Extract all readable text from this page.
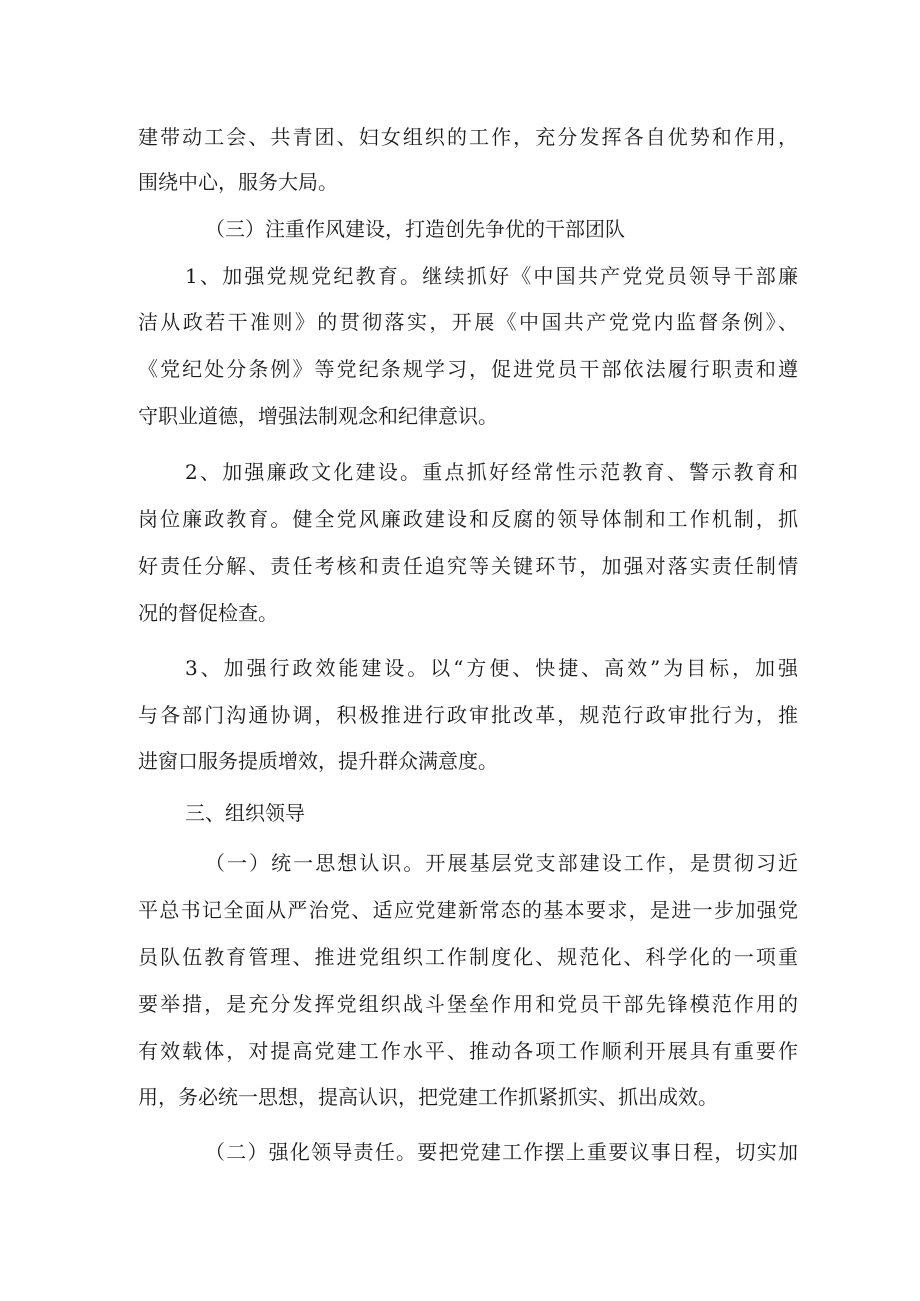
建带动工会、共青团、妇女组织的工作，充分发挥各自优势和作用，
围绕中心，服务大局。
（三）注重作风建设，打造创先争优的干部团队
1、加强党规党纪教育。继续抓好《中国共产党党员领导干部廉
洁从政若干准则》的贯彻落实，开展《中国共产党党内监督条例》、
《党纪处分条例》等党纪条规学习，促进党员干部依法履行职责和遵
守职业道德，增强法制观念和纪律意识。
2、加强廉政文化建设。重点抓好经常性示范教育、警示教育和
岗位廉政教育。健全党风廉政建设和反腐的领导体制和工作机制，抓
好责任分解、责任考核和责任追究等关键环节，加强对落实责任制情
况的督促检查。
3、加强行政效能建设。以“方便、快捷、高效”为目标，加强
与各部门沟通协调，积极推进行政审批改革，规范行政审批行为，推
进窗口服务提质增效，提升群众满意度。
三、组织领导
（一）统一思想认识。开展基层党支部建设工作，是贯彻习近
平总书记全面从严治党、适应党建新常态的基本要求，是进一步加强党
员队伍教育管理、推进党组织工作制度化、规范化、科学化的一项重
要举措，是充分发挥党组织战斗堡垒作用和党员干部先锋模范作用的
有效载体，对提高党建工作水平、推动各项工作顺利开展具有重要作
用，务必统一思想，提高认识，把党建工作抓紧抓实、抓出成效。
（二）强化领导责任。要把党建工作摆上重要议事日程，切实加
